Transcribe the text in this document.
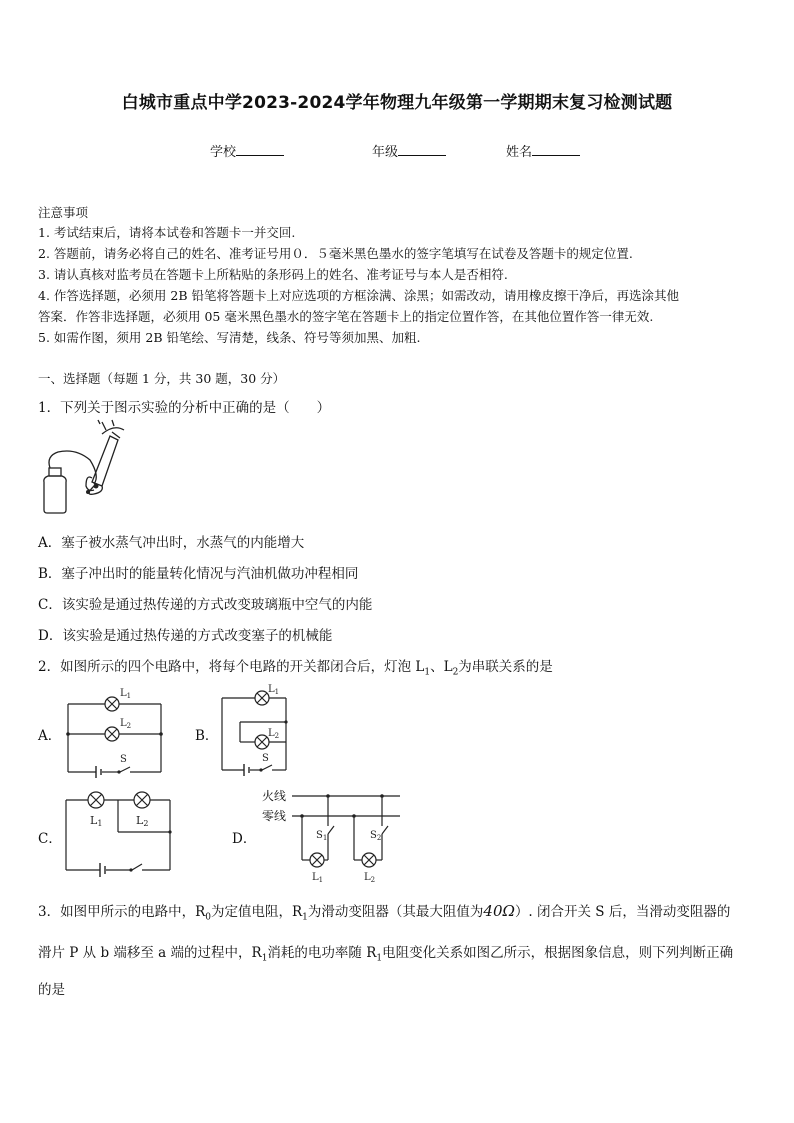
白城市重点中学2023-2024学年物理九年级第一学期期末复习检测试题
学校	年级	姓名
注意事项
1. 考试结束后，请将本试卷和答题卡一并交回.
2. 答题前，请务必将自己的姓名、准考证号用０．５毫米黑色墨水的签字笔填写在试卷及答题卡的规定位置.
3. 请认真核对监考员在答题卡上所粘贴的条形码上的姓名、准考证号与本人是否相符.
4. 作答选择题，必须用 2B 铅笔将答题卡上对应选项的方框涂满、涂黑；如需改动，请用橡皮擦干净后，再选涂其他
答案．作答非选择题，必须用 05 毫米黑色墨水的签字笔在答题卡上的指定位置作答，在其他位置作答一律无效.
5. 如需作图，须用 2B 铅笔绘、写清楚，线条、符号等须加黑、加粗.
一、选择题（每题 1 分，共 30 题，30 分）
1．下列关于图示实验的分析中正确的是（　　）
A．塞子被水蒸气冲出时，水蒸气的内能增大
B．塞子冲出时的能量转化情况与汽油机做功冲程相同
C．该实验是通过热传递的方式改变玻璃瓶中空气的内能
D．该实验是通过热传递的方式改变塞子的机械能
2．如图所示的四个电路中，将每个电路的开关都闭合后，灯泡 $L_1$、$L_2$为串联关系的是
A．
$L_1$
$L_2$
S
B．
$L_1$
$L_2$
S
C．
L1	L2
D．
火线
零线
$S_1$	$S_2$
$L_1$	$L_2$
3．如图甲所示的电路中，$R_0$为定值电阻，$R_1$为滑动变阻器（其最大阻值为40Ω）. 闭合开关 S 后，当滑动变阻器的
滑片 P 从 b 端移至 a 端的过程中，$R_1$消耗的电功率随 $R_1$电阻变化关系如图乙所示，根据图象信息，则下列判断正确
的是
